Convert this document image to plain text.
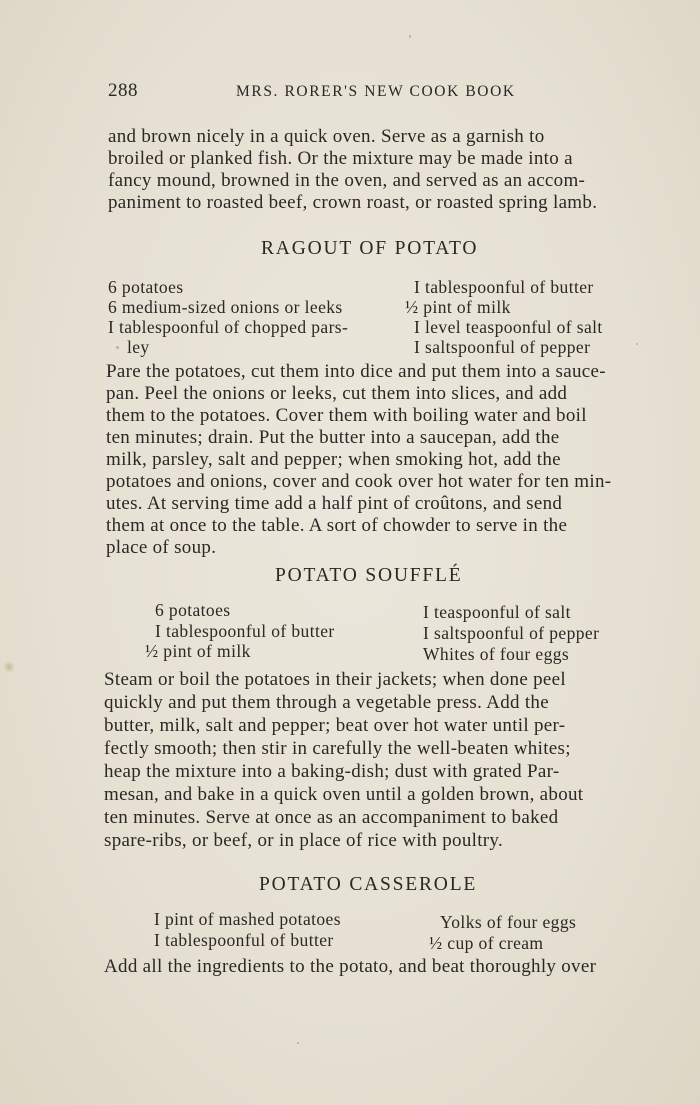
288	MRS. RORER'S NEW COOK BOOK
and brown nicely in a quick oven. Serve as a garnish to
broiled or planked fish. Or the mixture may be made into a
fancy mound, browned in the oven, and served as an accom-
paniment to roasted beef, crown roast, or roasted spring lamb.
RAGOUT OF POTATO
6 potatoes
6 medium-sized onions or leeks
I tablespoonful of chopped pars-
ley
I tablespoonful of butter
½ pint of milk
I level teaspoonful of salt
I saltspoonful of pepper
Pare the potatoes, cut them into dice and put them into a sauce-
pan. Peel the onions or leeks, cut them into slices, and add
them to the potatoes. Cover them with boiling water and boil
ten minutes; drain. Put the butter into a saucepan, add the
milk, parsley, salt and pepper; when smoking hot, add the
potatoes and onions, cover and cook over hot water for ten min-
utes. At serving time add a half pint of croûtons, and send
them at once to the table. A sort of chowder to serve in the
place of soup.
POTATO SOUFFLÉ
6 potatoes
I tablespoonful of butter
½ pint of milk
I teaspoonful of salt
I saltspoonful of pepper
Whites of four eggs
Steam or boil the potatoes in their jackets; when done peel
quickly and put them through a vegetable press. Add the
butter, milk, salt and pepper; beat over hot water until per-
fectly smooth; then stir in carefully the well-beaten whites;
heap the mixture into a baking-dish; dust with grated Par-
mesan, and bake in a quick oven until a golden brown, about
ten minutes. Serve at once as an accompaniment to baked
spare-ribs, or beef, or in place of rice with poultry.
POTATO CASSEROLE
I pint of mashed potatoes
I tablespoonful of butter
Yolks of four eggs
½ cup of cream
Add all the ingredients to the potato, and beat thoroughly over
